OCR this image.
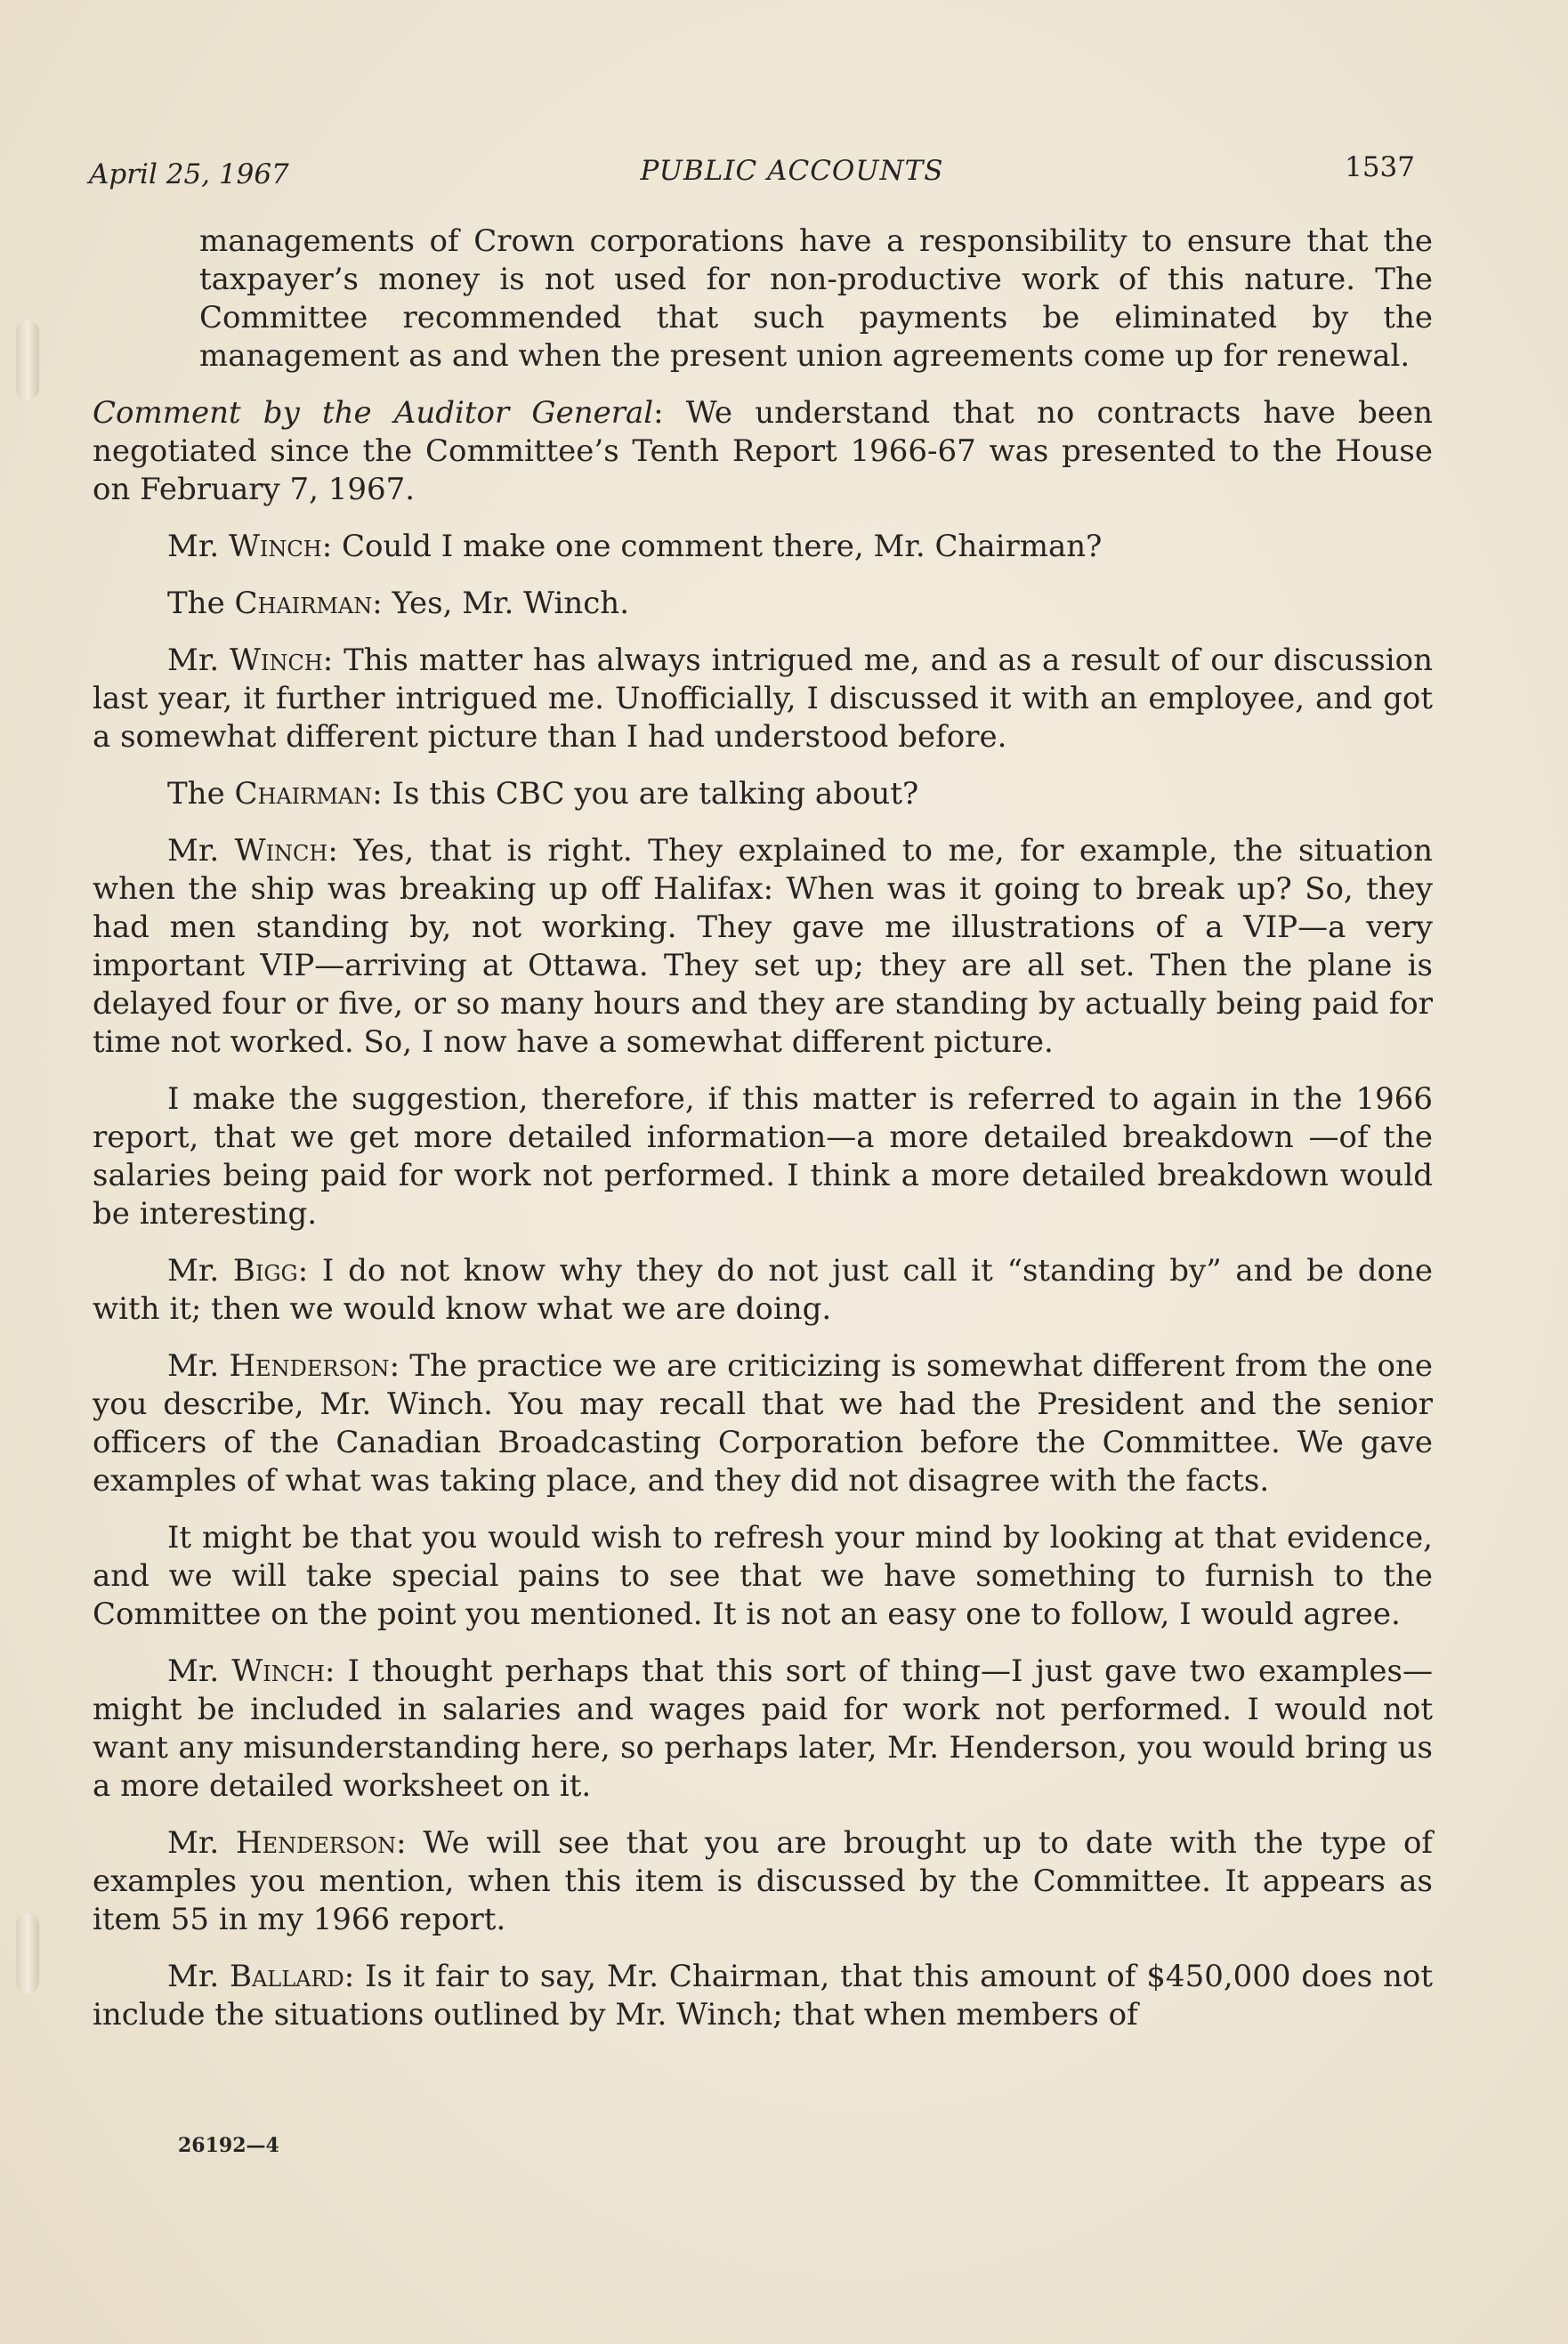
April 25, 1967	PUBLIC ACCOUNTS	1537

managements of Crown corporations have a responsibility to ensure that the taxpayer’s money is not used for non-productive work of this nature. The Committee recommended that such payments be eliminated by the management as and when the present union agreements come up for renewal.

Comment by the Auditor General: We understand that no contracts have been negotiated since the Committee’s Tenth Report 1966-67 was presented to the House on February 7, 1967.

Mr. Winch: Could I make one comment there, Mr. Chairman?

The Chairman: Yes, Mr. Winch.

Mr. Winch: This matter has always intrigued me, and as a result of our discussion last year, it further intrigued me. Unofficially, I discussed it with an employee, and got a somewhat different picture than I had understood before.

The Chairman: Is this CBC you are talking about?

Mr. Winch: Yes, that is right. They explained to me, for example, the situation when the ship was breaking up off Halifax: When was it going to break up? So, they had men standing by, not working. They gave me illustrations of a VIP—a very important VIP—arriving at Ottawa. They set up; they are all set. Then the plane is delayed four or five, or so many hours and they are standing by actually being paid for time not worked. So, I now have a somewhat different picture.

I make the suggestion, therefore, if this matter is referred to again in the 1966 report, that we get more detailed information—a more detailed breakdown —of the salaries being paid for work not performed. I think a more detailed breakdown would be interesting.

Mr. Bigg: I do not know why they do not just call it “standing by” and be done with it; then we would know what we are doing.

Mr. Henderson: The practice we are criticizing is somewhat different from the one you describe, Mr. Winch. You may recall that we had the President and the senior officers of the Canadian Broadcasting Corporation before the Committee. We gave examples of what was taking place, and they did not disagree with the facts.

It might be that you would wish to refresh your mind by looking at that evidence, and we will take special pains to see that we have something to furnish to the Committee on the point you mentioned. It is not an easy one to follow, I would agree.

Mr. Winch: I thought perhaps that this sort of thing—I just gave two examples—might be included in salaries and wages paid for work not performed. I would not want any misunderstanding here, so perhaps later, Mr. Henderson, you would bring us a more detailed worksheet on it.

Mr. Henderson: We will see that you are brought up to date with the type of examples you mention, when this item is discussed by the Committee. It appears as item 55 in my 1966 report.

Mr. Ballard: Is it fair to say, Mr. Chairman, that this amount of $450,000 does not include the situations outlined by Mr. Winch; that when members of

26192—4
